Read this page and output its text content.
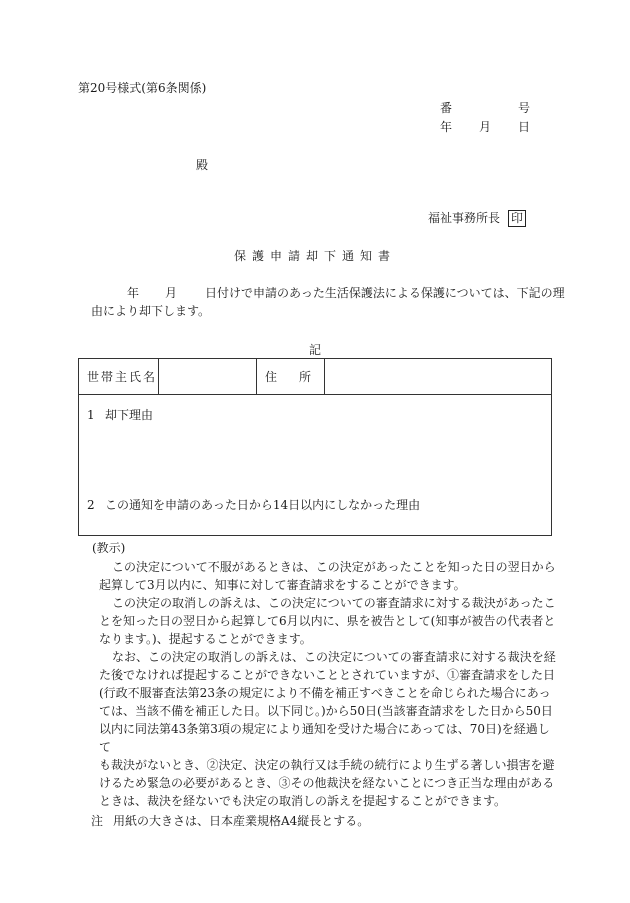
第20号様式(第6条関係)
番	号
年 月 日
殿
福祉事務所長 印
保護申請却下通知書
年 月 日付けで申請のあった生活保護法による保護については、下記の理
由により却下します。
記
世帯主氏名	住 所
1 却下理由
2 この通知を申請のあった日から14日以内にしなかった理由
(教示)

この決定について不服があるときは、この決定があったことを知った日の翌日から

起算して3月以内に、知事に対して審査請求をすることができます。

この決定の取消しの訴えは、この決定についての審査請求に対する裁決があったこ

とを知った日の翌日から起算して6月以内に、県を被告として(知事が被告の代表者と

なります。)、提起することができます。

なお、この決定の取消しの訴えは、この決定についての審査請求に対する裁決を経

た後でなければ提起することができないこととされていますが、①審査請求をした日

(行政不服審査法第23条の規定により不備を補正すべきことを命じられた場合にあっ

ては、当該不備を補正した日。以下同じ。)から50日(当該審査請求をした日から50日

以内に同法第43条第3項の規定により通知を受けた場合にあっては、70日)を経過して

も裁決がないとき、②決定、決定の執行又は手続の続行により生ずる著しい損害を避

けるため緊急の必要があるとき、③その他裁決を経ないことにつき正当な理由がある

ときは、裁決を経ないでも決定の取消しの訴えを提起することができます。

注 用紙の大きさは、日本産業規格A4縦長とする。
